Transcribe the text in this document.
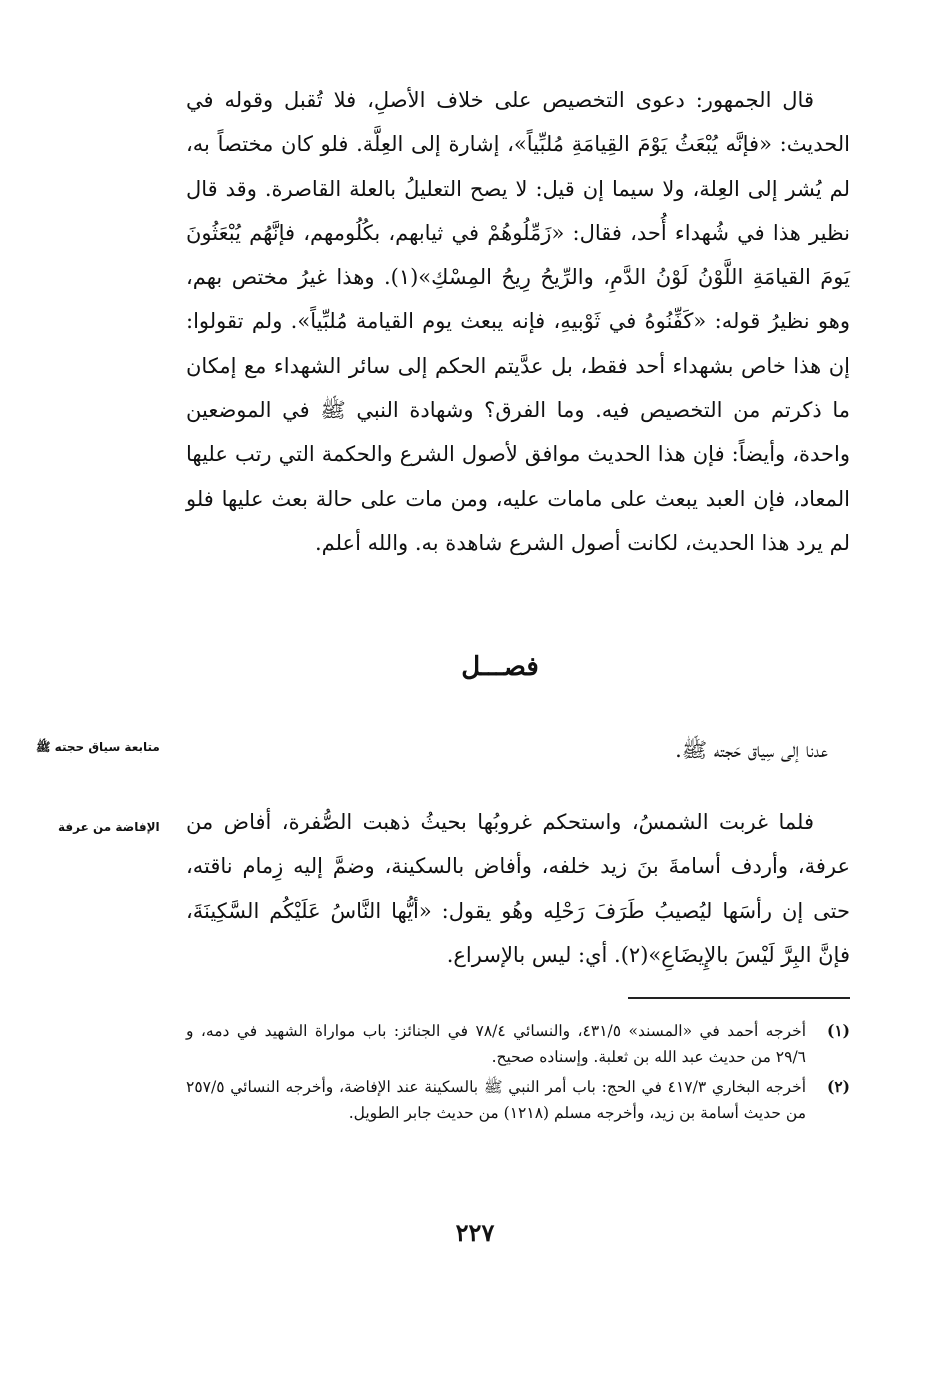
قال الجمهور: دعوى التخصيص على خلاف الأصلِ، فلا تُقبل وقوله في الحديث: «فإنَّه يُبْعَثُ يَوْمَ القِيامَةِ مُلبِّياً»، إشارة إلى العِلَّة. فلو كان مختصاً به، لم يُشر إلى العِلة، ولا سيما إن قيل: لا يصح التعليلُ بالعلة القاصرة. وقد قال نظير هذا في شُهداء أُحد، فقال: «زَمِّلُوهُمْ في ثيابهم، بكُلُومهم، فإنَّهُم يُبْعَثُونَ يَومَ القيامَةِ اللَّوْنُ لَوْنُ الدَّمِ، والرِّيحُ رِيحُ المِسْكِ»(١). وهذا غيرُ مختص بهم، وهو نظيرُ قوله: «كَفِّنُوهُ في ثَوْبيهِ، فإنه يبعث يوم القيامة مُلبِّياً». ولم تقولوا: إن هذا خاص بشهداء أحد فقط، بل عدَّيتم الحكم إلى سائر الشهداء مع إمكان ما ذكرتم من التخصيص فيه. وما الفرق؟ وشهادة النبي ﷺ في الموضعين واحدة، وأيضاً: فإن هذا الحديث موافق لأصول الشرع والحكمة التي رتب عليها المعاد، فإن العبد يبعث على مامات عليه، ومن مات على حالة بعث عليها فلو لم يرد هذا الحديث، لكانت أصول الشرع شاهدة به. والله أعلم.

فصـــل
متابعة سياق حجته ﷺ	عدنا إلى سِياق حَجته ﷺ.
الإفاضة من عرفة فلما غربت الشمسُ، واستحكم غروبُها بحيثُ ذهبت الصُّفرة، أفاض من عرفة، وأردف أسامةَ بنَ زيد خلفه، وأفاض بالسكينة، وضمَّ إليه زِمام ناقته، حتى إن رأسَها ليُصيبُ طَرَفَ رَحْلِه وهُو يقول: «أيُّها النَّاسُ عَلَيْكُم السَّكِينَةَ، فإنَّ البِرَّ لَيْسَ بالإِيضَاعِ»(٢). أي: ليس بالإسراع.

(١)
أخرجه أحمد في «المسند» ٤٣١/٥، والنسائي ٧٨/٤ في الجنائز: باب مواراة الشهيد في دمه، و ٢٩/٦ من حديث عبد الله بن ثعلبة. وإسناده صحيح.
(٢)
أخرجه البخاري ٤١٧/٣ في الحج: باب أمر النبي ﷺ بالسكينة عند الإفاضة، وأخرجه النسائي ٢٥٧/٥ من حديث أسامة بن زيد، وأخرجه مسلم (١٢١٨) من حديث جابر الطويل.
٢٢٧
